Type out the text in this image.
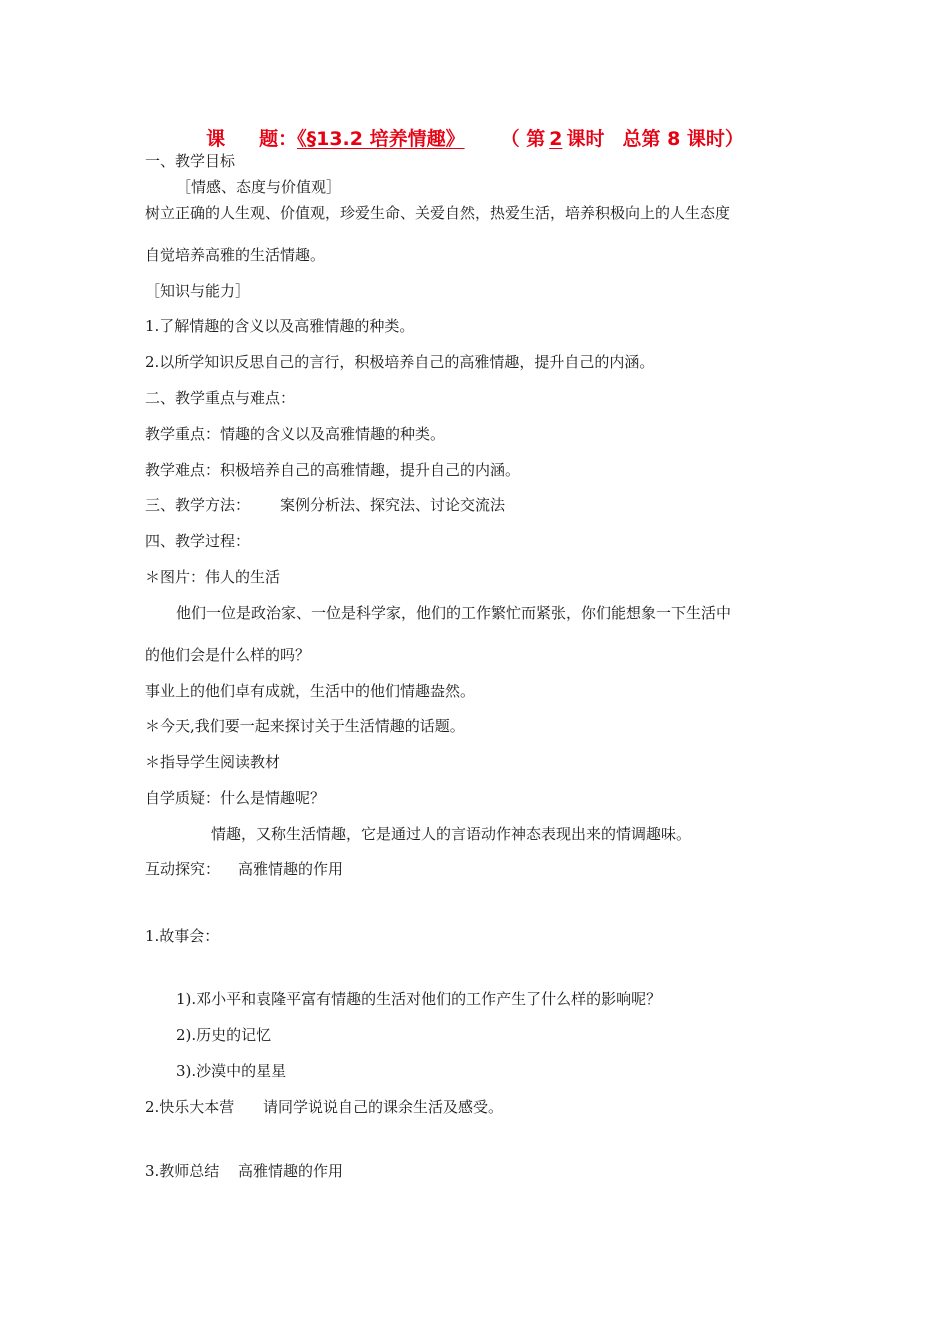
课 题：《§13.2 培养情趣》 （ 第 2 课时 总第 8 课时）
一、教学目标
［情感、态度与价值观］
树立正确的人生观、价值观，珍爱生命、关爱自然，热爱生活，培养积极向上的人生态度
自觉培养高雅的生活情趣。
［知识与能力］
1.了解情趣的含义以及高雅情趣的种类。
2.以所学知识反思自己的言行，积极培养自己的高雅情趣，提升自己的内涵。
二、教学重点与难点：
教学重点：情趣的含义以及高雅情趣的种类。
教学难点：积极培养自己的高雅情趣，提升自己的内涵。
三、教学方法： 案例分析法、探究法、讨论交流法
四、教学过程：
＊图片：伟人的生活
他们一位是政治家、一位是科学家，他们的工作繁忙而紧张，你们能想象一下生活中
的他们会是什么样的吗？
事业上的他们卓有成就，生活中的他们情趣盎然。
＊今天,我们要一起来探讨关于生活情趣的话题。
＊指导学生阅读教材
自学质疑：什么是情趣呢？
情趣，又称生活情趣，它是通过人的言语动作神态表现出来的情调趣味。
互动探究： 高雅情趣的作用
1.故事会：
1).邓小平和袁隆平富有情趣的生活对他们的工作产生了什么样的影响呢？
2).历史的记忆
3).沙漠中的星星
2.快乐大本营 请同学说说自己的课余生活及感受。
3.教师总结 高雅情趣的作用
